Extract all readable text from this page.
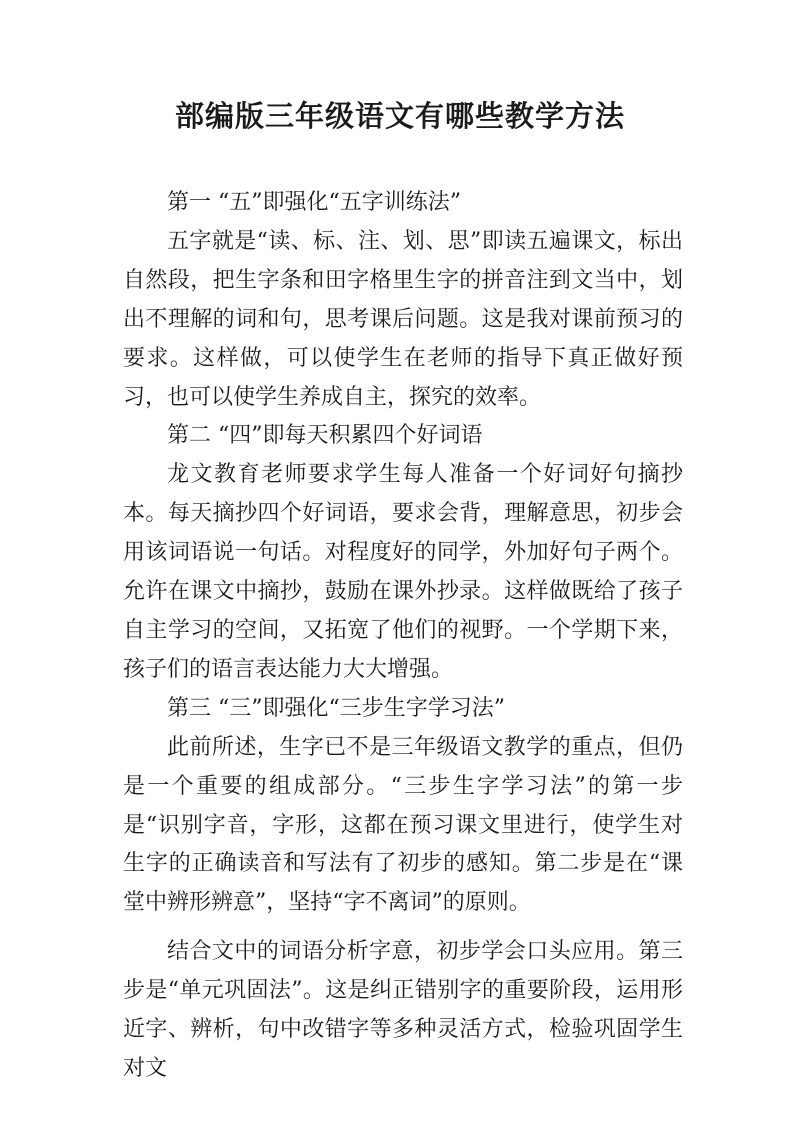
部编版三年级语文有哪些教学方法

第一 “五”即强化“五字训练法”

五字就是“读、标、注、划、思”即读五遍课文，标出自然段，把生字条和田字格里生字的拼音注到文当中，划出不理解的词和句，思考课后问题。这是我对课前预习的要求。这样做，可以使学生在老师的指导下真正做好预习，也可以使学生养成自主，探究的效率。

第二 “四”即每天积累四个好词语

龙文教育老师要求学生每人准备一个好词好句摘抄本。每天摘抄四个好词语，要求会背，理解意思，初步会用该词语说一句话。对程度好的同学，外加好句子两个。允许在课文中摘抄，鼓励在课外抄录。这样做既给了孩子自主学习的空间，又拓宽了他们的视野。一个学期下来，孩子们的语言表达能力大大增强。

第三 “三”即强化“三步生字学习法”

此前所述，生字已不是三年级语文教学的重点，但仍是一个重要的组成部分。“三步生字学习法”的第一步是“识别字音，字形，这都在预习课文里进行，使学生对生字的正确读音和写法有了初步的感知。第二步是在“课堂中辨形辨意”，坚持“字不离词”的原则。

结合文中的词语分析字意，初步学会口头应用。第三步是“单元巩固法”。这是纠正错别字的重要阶段，运用形近字、辨析，句中改错字等多种灵活方式，检验巩固学生对文
